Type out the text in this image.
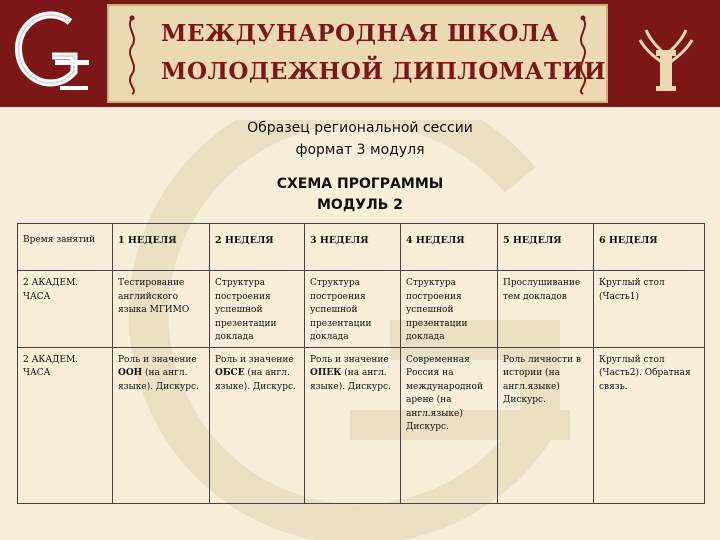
G
МЕЖДУНАРОДНАЯ ШКОЛА
МОЛОДЕЖНОЙ ДИПЛОМАТИИ
Образец региональной сессии
формат 3 модуля
СХЕМА ПРОГРАММЫ
МОДУЛЬ 2
Время занятий	1 НЕДЕЛЯ	2 НЕДЕЛЯ	3 НЕДЕЛЯ	4 НЕДЕЛЯ	5 НЕДЕЛЯ	6 НЕДЕЛЯ
2 АКАДЕМ. ЧАСА	Тестирование английского языка МГИМО	Структура построения успешной презентации доклада	Структура построения успешной презентации доклада	Структура построения успешной презентации доклада	Прослушивание тем докладов	Круглый стол (Часть1)
2 АКАДЕМ. ЧАСА	Роль и значение ООН (на англ. языке). Дискурс.	Роль и значение ОБСЕ (на англ. языке). Дискурс.	Роль и значение ОПЕК (на англ. языке). Дискурс.	Современная Россия на международной арене (на англ.языке) Дискурс.	Роль личности в истории (на англ.языке) Дискурс.	Круглый стол (Часть2). Обратная связь.
